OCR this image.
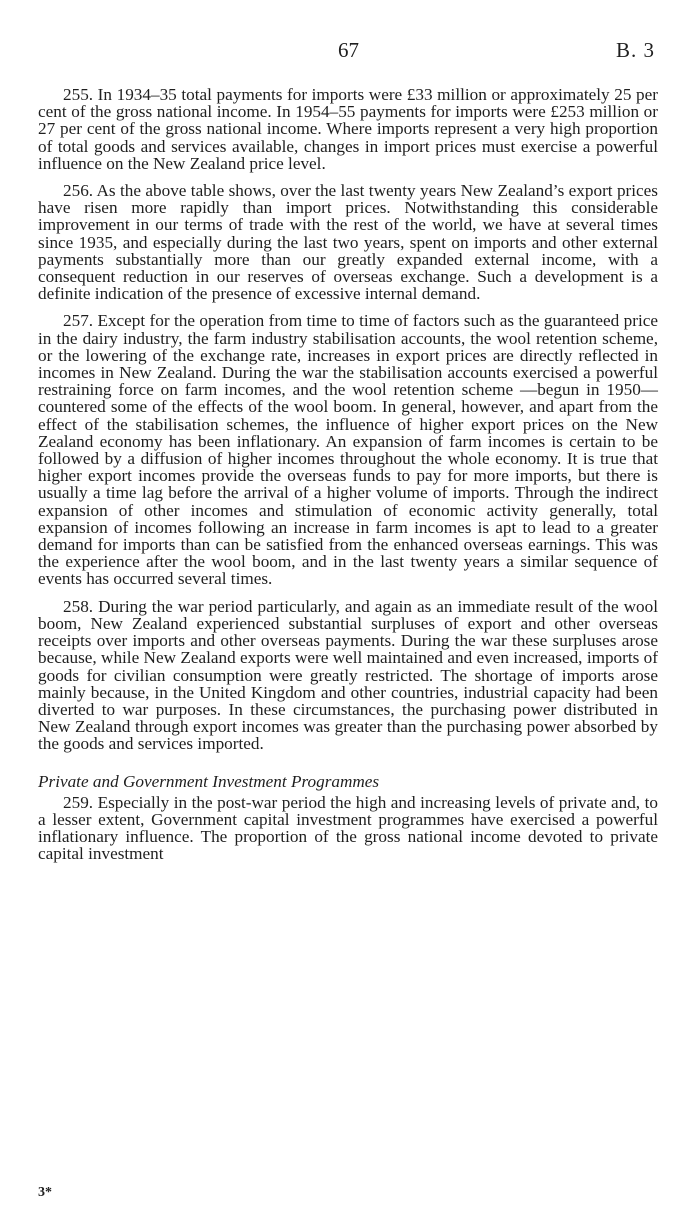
67	B. 3

255. In 1934–35 total payments for imports were £33 million or approximately 25 per cent of the gross national income. In 1954–55 payments for imports were £253 million or 27 per cent of the gross national income. Where imports represent a very high proportion of total goods and services available, changes in import prices must exercise a powerful influence on the New Zealand price level.

256. As the above table shows, over the last twenty years New Zealand’s export prices have risen more rapidly than import prices. Notwithstanding this considerable improvement in our terms of trade with the rest of the world, we have at several times since 1935, and especially during the last two years, spent on imports and other external payments substantially more than our greatly expanded external income, with a consequent reduction in our reserves of overseas exchange. Such a development is a definite indication of the presence of excessive internal demand.

257. Except for the operation from time to time of factors such as the guaranteed price in the dairy industry, the farm industry stabilisation accounts, the wool retention scheme, or the lowering of the exchange rate, increases in export prices are directly reflected in incomes in New Zealand. During the war the stabilisation accounts exercised a powerful restraining force on farm incomes, and the wool retention scheme —begun in 1950—countered some of the effects of the wool boom. In general, however, and apart from the effect of the stabilisation schemes, the influence of higher export prices on the New Zealand economy has been inflationary. An expansion of farm incomes is certain to be followed by a diffusion of higher incomes throughout the whole economy. It is true that higher export incomes provide the overseas funds to pay for more imports, but there is usually a time lag before the arrival of a higher volume of imports. Through the indirect expansion of other incomes and stimulation of economic activity generally, total expansion of incomes following an increase in farm incomes is apt to lead to a greater demand for imports than can be satisfied from the enhanced overseas earnings. This was the experience after the wool boom, and in the last twenty years a similar sequence of events has occurred several times.

258. During the war period particularly, and again as an immediate result of the wool boom, New Zealand experienced substantial surpluses of export and other overseas receipts over imports and other overseas payments. During the war these surpluses arose because, while New Zealand exports were well maintained and even increased, imports of goods for civilian consumption were greatly restricted. The shortage of imports arose mainly because, in the United Kingdom and other countries, industrial capacity had been diverted to war purposes. In these circumstances, the purchasing power distributed in New Zealand through export incomes was greater than the purchasing power absorbed by the goods and services imported.

Private and Government Investment Programmes

259. Especially in the post-war period the high and increasing levels of private and, to a lesser extent, Government capital investment programmes have exercised a powerful inflationary influence. The proportion of the gross national income devoted to private capital investment

3*
